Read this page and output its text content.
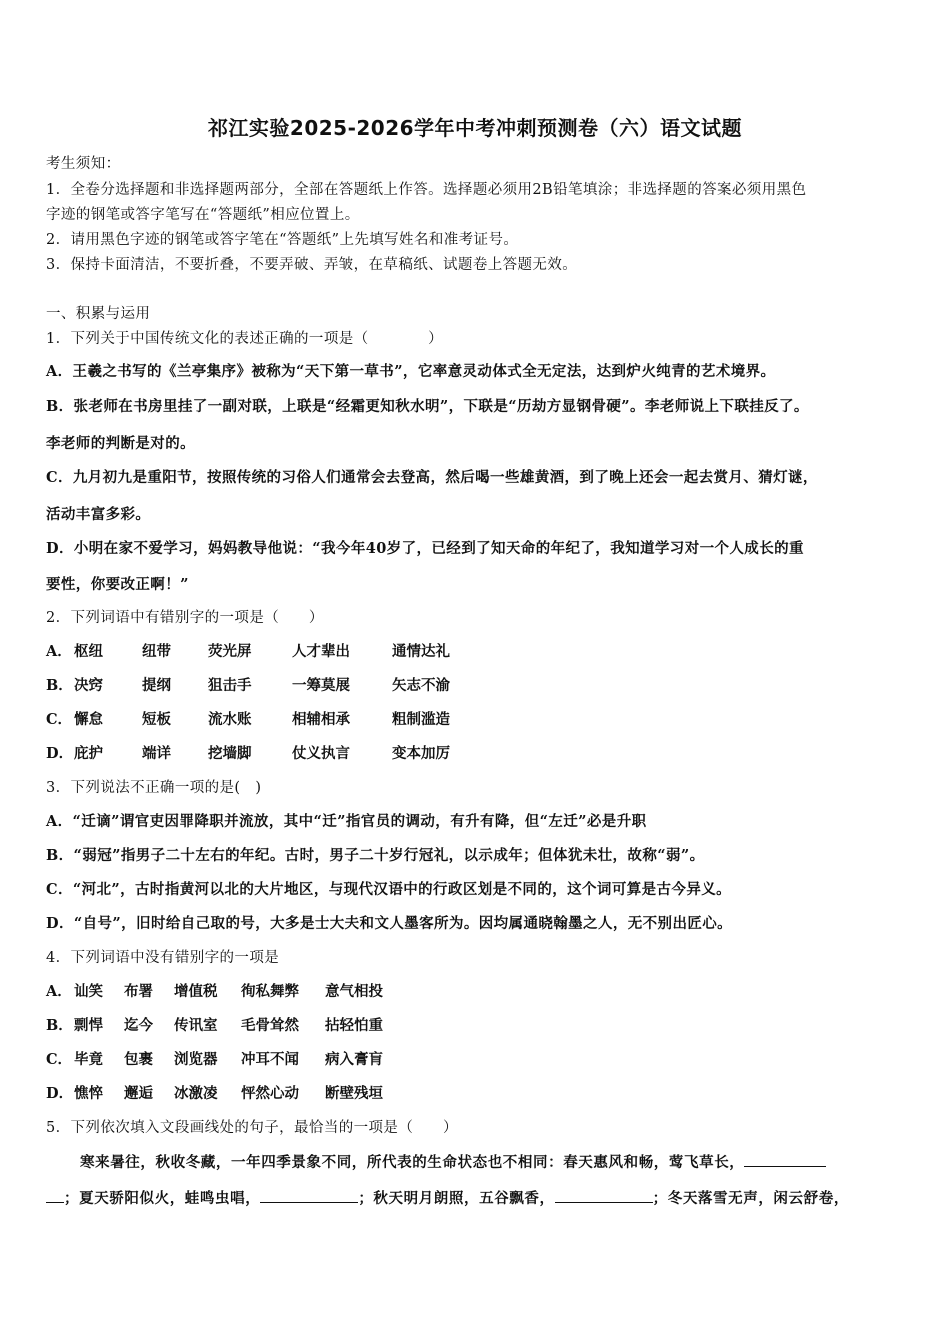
祁江实验2025-2026学年中考冲刺预测卷（六）语文试题
考生须知：
1．全卷分选择题和非选择题两部分，全部在答题纸上作答。选择题必须用2B铅笔填涂；非选择题的答案必须用黑色
字迹的钢笔或答字笔写在“答题纸”相应位置上。
2．请用黑色字迹的钢笔或答字笔在“答题纸”上先填写姓名和准考证号。
3．保持卡面清洁，不要折叠，不要弄破、弄皱，在草稿纸、试题卷上答题无效。
一、积累与运用
1．下列关于中国传统文化的表述正确的一项是（　　　　）
A．王羲之书写的《兰亭集序》被称为“天下第一草书”，它率意灵动体式全无定法，达到炉火纯青的艺术境界。
B．张老师在书房里挂了一副对联，上联是“经霜更知秋水明”，下联是“历劫方显钢骨硬”。李老师说上下联挂反了。
李老师的判断是对的。
C．九月初九是重阳节，按照传统的习俗人们通常会去登高，然后喝一些雄黄酒，到了晚上还会一起去赏月、猜灯谜，
活动丰富多彩。
D．小明在家不爱学习，妈妈教导他说：“我今年40岁了，已经到了知天命的年纪了，我知道学习对一个人成长的重
要性，你要改正啊！”
2．下列词语中有错别字的一项是（　　）
A． 枢纽	纽带	荧光屏	人才辈出	通情达礼
B．决窍	提纲	狙击手	一筹莫展	矢志不渝
C． 懈怠	短板	流水账	相辅相承	粗制滥造
D．庇护	端详	挖墙脚	仗义执言	变本加厉
3．下列说法不正确一项的是(　)
A．“迁谪”谓官吏因罪降职并流放，其中“迁”指官员的调动，有升有降，但“左迁”必是升职
B．“弱冠”指男子二十左右的年纪。古时，男子二十岁行冠礼，以示成年；但体犹未壮，故称“弱”。
C．“河北”，古时指黄河以北的大片地区，与现代汉语中的行政区划是不同的，这个词可算是古今异义。
D．“自号”，旧时给自己取的号，大多是士大夫和文人墨客所为。因均属通晓翰墨之人，无不别出匠心。
4．下列词语中没有错别字的一项是
A． 讪笑 布署 增值税 徇私舞弊 意气相投
B．剽悍 迄今 传讯室 毛骨耸然 拈轻怕重
C． 毕竟 包裹 浏览器 冲耳不闻 病入膏肓
D．憔悴 邂逅 冰激凌 怦然心动 断壁残垣
5．下列依次填入文段画线处的句子，最恰当的一项是（　　）
寒来暑往，秋收冬藏，一年四季景象不同，所代表的生命状态也不相同：春天惠风和畅，莺飞草长，
；夏天骄阳似火，蛙鸣虫唱，	；秋天明月朗照，五谷飘香，	；冬天落雪无声，闲云舒卷，
